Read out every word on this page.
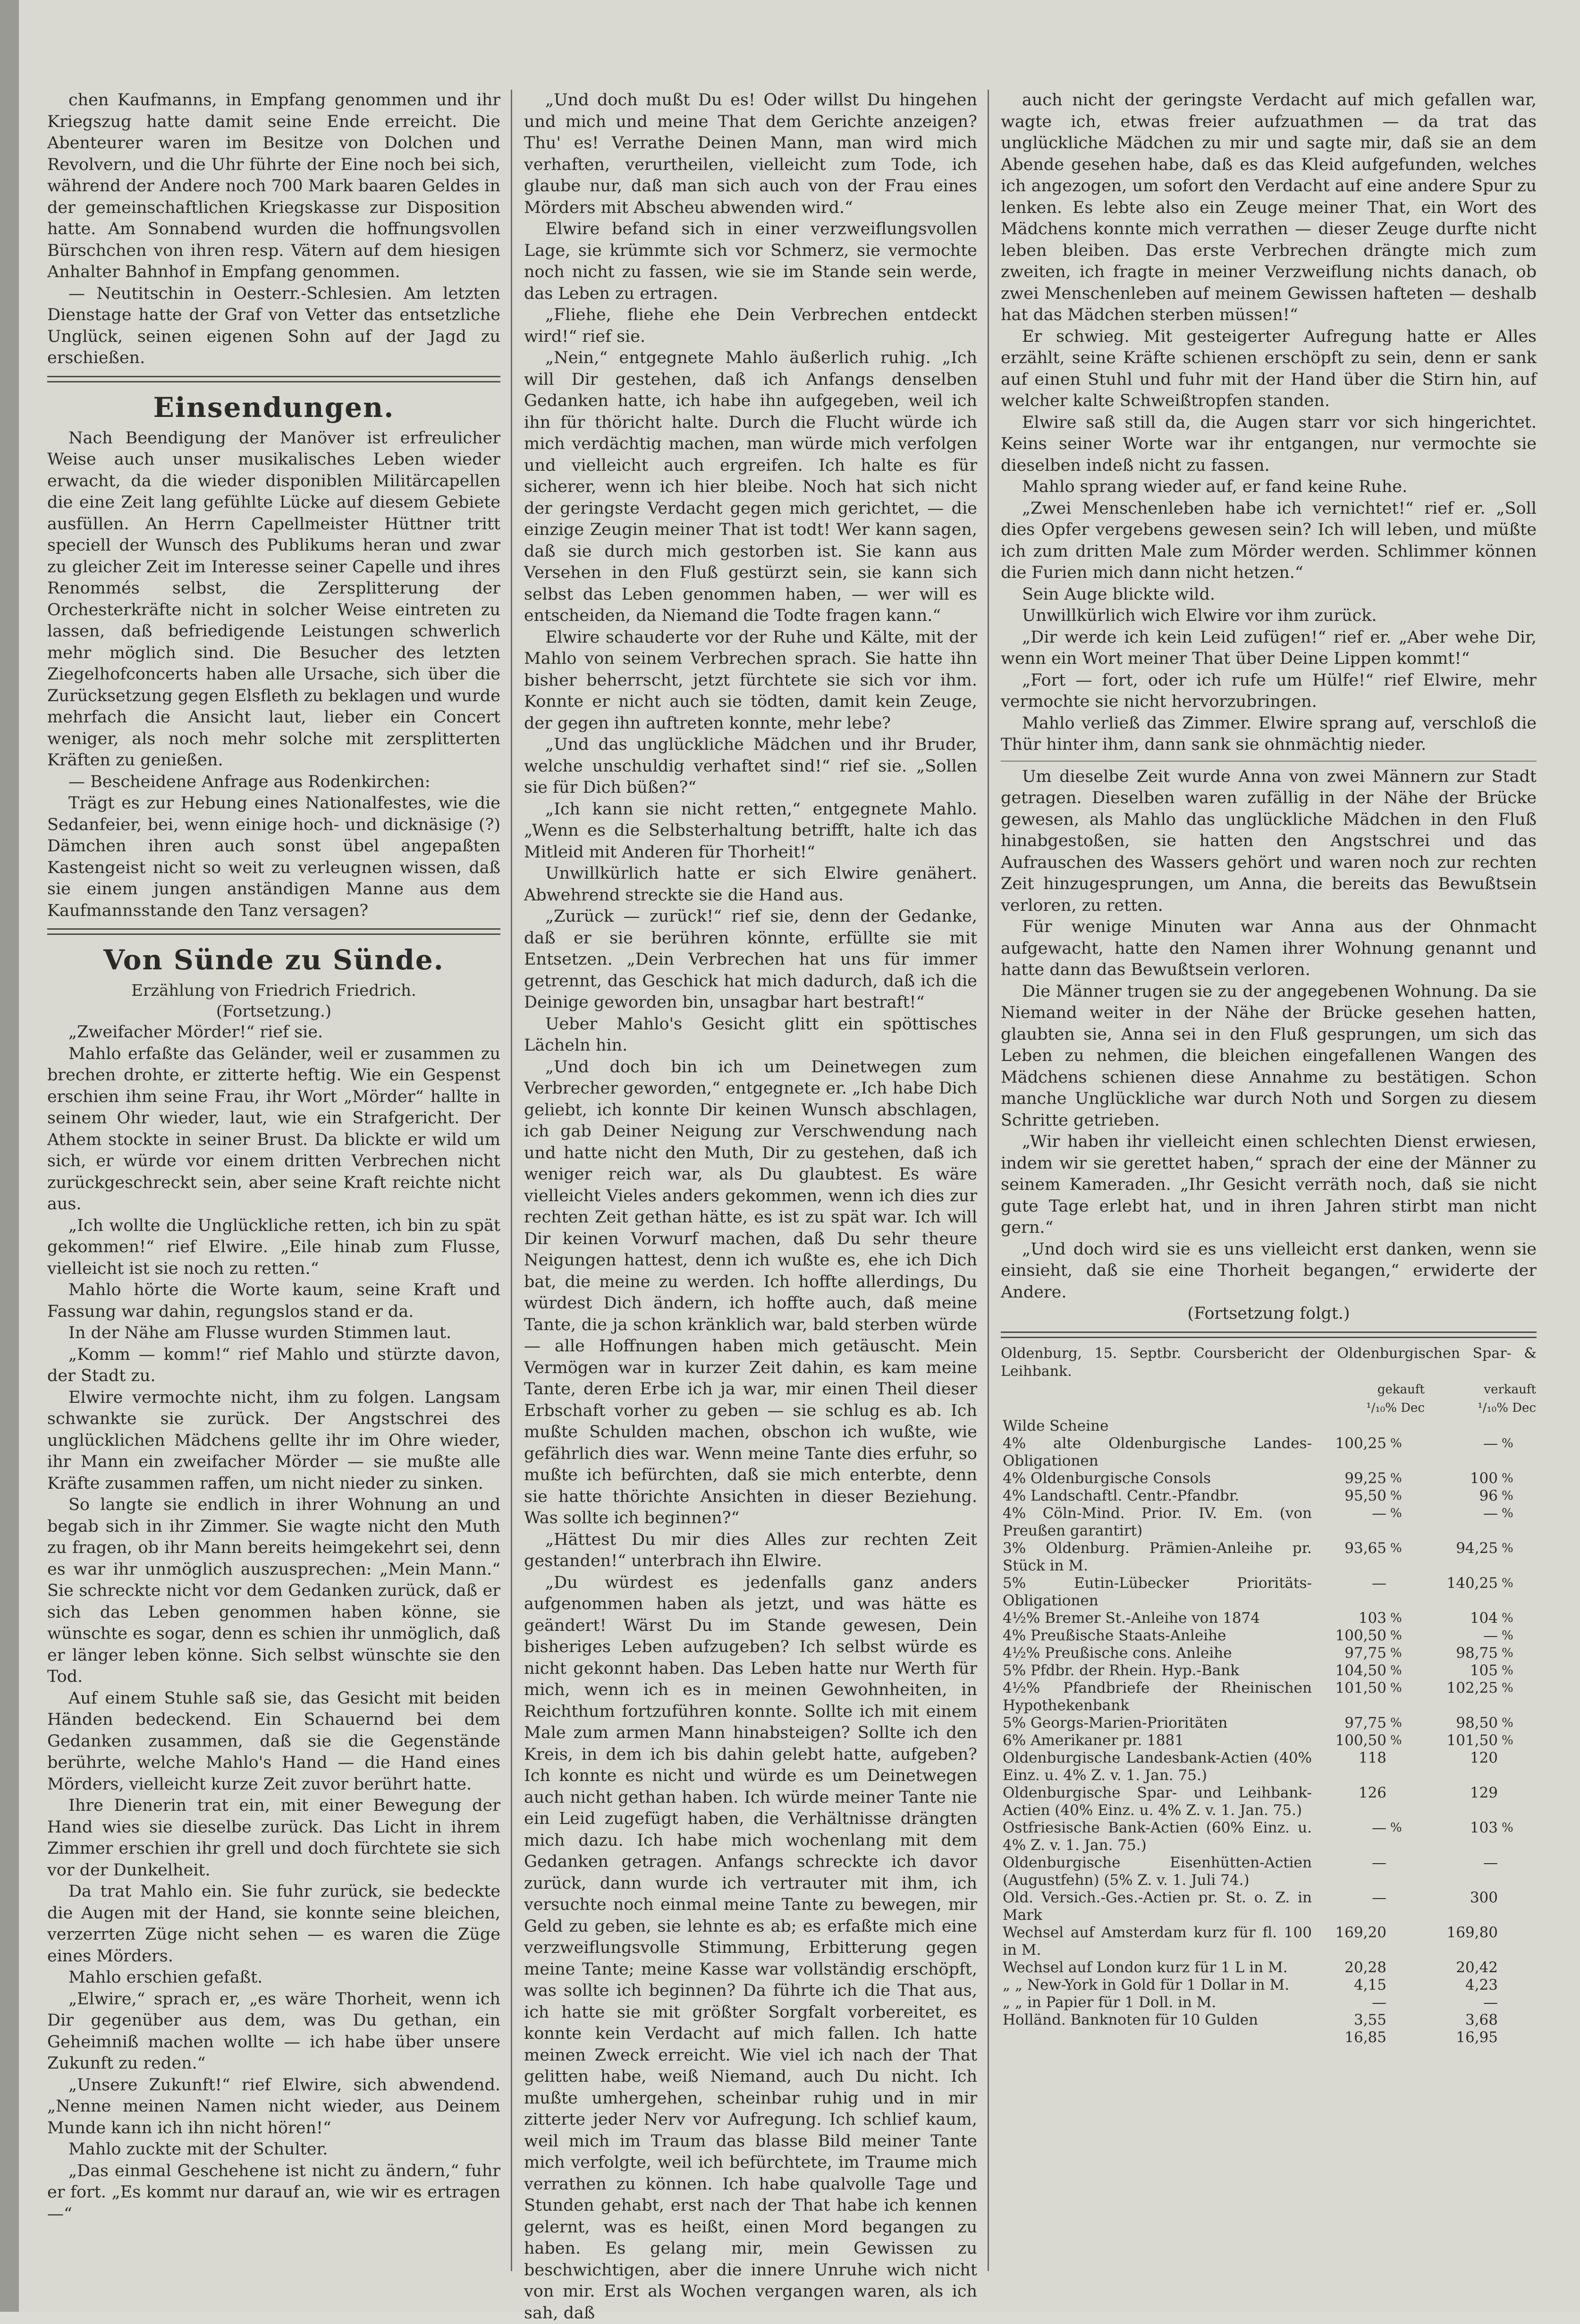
chen Kaufmanns, in Empfang genommen und ihr Kriegszug hatte damit seine Ende erreicht. Die Abenteurer waren im Besitze von Dolchen und Revolvern, und die Uhr führte der Eine noch bei sich, während der Andere noch 700 Mark baaren Geldes in der gemeinschaftlichen Kriegskasse zur Disposition hatte. Am Sonnabend wurden die hoffnungsvollen Bürschchen von ihren resp. Vätern auf dem hiesigen Anhalter Bahnhof in Empfang genommen.

— Neutitschin in Oesterr.-Schlesien. Am letzten Dienstage hatte der Graf von Vetter das entsetzliche Unglück, seinen eigenen Sohn auf der Jagd zu erschießen.

Einsendungen.

Nach Beendigung der Manöver ist erfreulicher Weise auch unser musikalisches Leben wieder erwacht, da die wieder disponiblen Militärcapellen die eine Zeit lang gefühlte Lücke auf diesem Gebiete ausfüllen. An Herrn Capellmeister Hüttner tritt speciell der Wunsch des Publikums heran und zwar zu gleicher Zeit im Interesse seiner Capelle und ihres Renommés selbst, die Zersplitterung der Orchesterkräfte nicht in solcher Weise eintreten zu lassen, daß befriedigende Leistungen schwerlich mehr möglich sind. Die Besucher des letzten Ziegelhofconcerts haben alle Ursache, sich über die Zurücksetzung gegen Elsfleth zu beklagen und wurde mehrfach die Ansicht laut, lieber ein Concert weniger, als noch mehr solche mit zersplitterten Kräften zu genießen.

— Bescheidene Anfrage aus Rodenkirchen:

Trägt es zur Hebung eines Nationalfestes, wie die Sedanfeier, bei, wenn einige hoch- und dicknäsige (?) Dämchen ihren auch sonst übel angepaßten Kastengeist nicht so weit zu verleugnen wissen, daß sie einem jungen anständigen Manne aus dem Kaufmannsstande den Tanz versagen?

Von Sünde zu Sünde.
Erzählung von Friedrich Friedrich.
(Fortsetzung.)

„Zweifacher Mörder!“ rief sie.

Mahlo erfaßte das Geländer, weil er zusammen zu brechen drohte, er zitterte heftig. Wie ein Gespenst erschien ihm seine Frau, ihr Wort „Mörder“ hallte in seinem Ohr wieder, laut, wie ein Strafgericht. Der Athem stockte in seiner Brust. Da blickte er wild um sich, er würde vor einem dritten Verbrechen nicht zurückgeschreckt sein, aber seine Kraft reichte nicht aus.

„Ich wollte die Unglückliche retten, ich bin zu spät gekommen!“ rief Elwire. „Eile hinab zum Flusse, vielleicht ist sie noch zu retten.“

Mahlo hörte die Worte kaum, seine Kraft und Fassung war dahin, regungslos stand er da.

In der Nähe am Flusse wurden Stimmen laut.

„Komm — komm!“ rief Mahlo und stürzte davon, der Stadt zu.

Elwire vermochte nicht, ihm zu folgen. Langsam schwankte sie zurück. Der Angstschrei des unglücklichen Mädchens gellte ihr im Ohre wieder, ihr Mann ein zweifacher Mörder — sie mußte alle Kräfte zusammen raffen, um nicht nieder zu sinken.

So langte sie endlich in ihrer Wohnung an und begab sich in ihr Zimmer. Sie wagte nicht den Muth zu fragen, ob ihr Mann bereits heimgekehrt sei, denn es war ihr unmöglich auszusprechen: „Mein Mann.“ Sie schreckte nicht vor dem Gedanken zurück, daß er sich das Leben genommen haben könne, sie wünschte es sogar, denn es schien ihr unmöglich, daß er länger leben könne. Sich selbst wünschte sie den Tod.

Auf einem Stuhle saß sie, das Gesicht mit beiden Händen bedeckend. Ein Schauernd bei dem Gedanken zusammen, daß sie die Gegenstände berührte, welche Mahlo's Hand — die Hand eines Mörders, vielleicht kurze Zeit zuvor berührt hatte.

Ihre Dienerin trat ein, mit einer Bewegung der Hand wies sie dieselbe zurück. Das Licht in ihrem Zimmer erschien ihr grell und doch fürchtete sie sich vor der Dunkelheit.

Da trat Mahlo ein. Sie fuhr zurück, sie bedeckte die Augen mit der Hand, sie konnte seine bleichen, verzerrten Züge nicht sehen — es waren die Züge eines Mörders.

Mahlo erschien gefaßt.

„Elwire,“ sprach er, „es wäre Thorheit, wenn ich Dir gegenüber aus dem, was Du gethan, ein Geheimniß machen wollte — ich habe über unsere Zukunft zu reden.“

„Unsere Zukunft!“ rief Elwire, sich abwendend. „Nenne meinen Namen nicht wieder, aus Deinem Munde kann ich ihn nicht hören!“

Mahlo zuckte mit der Schulter.

„Das einmal Geschehene ist nicht zu ändern,“ fuhr er fort. „Es kommt nur darauf an, wie wir es ertragen —“

„Und doch mußt Du es! Oder willst Du hingehen und mich und meine That dem Gerichte anzeigen? Thu' es! Verrathe Deinen Mann, man wird mich verhaften, verurtheilen, vielleicht zum Tode, ich glaube nur, daß man sich auch von der Frau eines Mörders mit Abscheu abwenden wird.“

Elwire befand sich in einer verzweiflungsvollen Lage, sie krümmte sich vor Schmerz, sie vermochte noch nicht zu fassen, wie sie im Stande sein werde, das Leben zu ertragen.

„Fliehe, fliehe ehe Dein Verbrechen entdeckt wird!“ rief sie.

„Nein,“ entgegnete Mahlo äußerlich ruhig. „Ich will Dir gestehen, daß ich Anfangs denselben Gedanken hatte, ich habe ihn aufgegeben, weil ich ihn für thöricht halte. Durch die Flucht würde ich mich verdächtig machen, man würde mich verfolgen und vielleicht auch ergreifen. Ich halte es für sicherer, wenn ich hier bleibe. Noch hat sich nicht der geringste Verdacht gegen mich gerichtet, — die einzige Zeugin meiner That ist todt! Wer kann sagen, daß sie durch mich gestorben ist. Sie kann aus Versehen in den Fluß gestürzt sein, sie kann sich selbst das Leben genommen haben, — wer will es entscheiden, da Niemand die Todte fragen kann.“

Elwire schauderte vor der Ruhe und Kälte, mit der Mahlo von seinem Verbrechen sprach. Sie hatte ihn bisher beherrscht, jetzt fürchtete sie sich vor ihm. Konnte er nicht auch sie tödten, damit kein Zeuge, der gegen ihn auftreten konnte, mehr lebe?

„Und das unglückliche Mädchen und ihr Bruder, welche unschuldig verhaftet sind!“ rief sie. „Sollen sie für Dich büßen?“

„Ich kann sie nicht retten,“ entgegnete Mahlo. „Wenn es die Selbsterhaltung betrifft, halte ich das Mitleid mit Anderen für Thorheit!“

Unwillkürlich hatte er sich Elwire genähert. Abwehrend streckte sie die Hand aus.

„Zurück — zurück!“ rief sie, denn der Gedanke, daß er sie berühren könnte, erfüllte sie mit Entsetzen. „Dein Verbrechen hat uns für immer getrennt, das Geschick hat mich dadurch, daß ich die Deinige geworden bin, unsagbar hart bestraft!“

Ueber Mahlo's Gesicht glitt ein spöttisches Lächeln hin.

„Und doch bin ich um Deinetwegen zum Verbrecher geworden,“ entgegnete er. „Ich habe Dich geliebt, ich konnte Dir keinen Wunsch abschlagen, ich gab Deiner Neigung zur Verschwendung nach und hatte nicht den Muth, Dir zu gestehen, daß ich weniger reich war, als Du glaubtest. Es wäre vielleicht Vieles anders gekommen, wenn ich dies zur rechten Zeit gethan hätte, es ist zu spät war. Ich will Dir keinen Vorwurf machen, daß Du sehr theure Neigungen hattest, denn ich wußte es, ehe ich Dich bat, die meine zu werden. Ich hoffte allerdings, Du würdest Dich ändern, ich hoffte auch, daß meine Tante, die ja schon kränklich war, bald sterben würde — alle Hoffnungen haben mich getäuscht. Mein Vermögen war in kurzer Zeit dahin, es kam meine Tante, deren Erbe ich ja war, mir einen Theil dieser Erbschaft vorher zu geben — sie schlug es ab. Ich mußte Schulden machen, obschon ich wußte, wie gefährlich dies war. Wenn meine Tante dies erfuhr, so mußte ich befürchten, daß sie mich enterbte, denn sie hatte thörichte Ansichten in dieser Beziehung. Was sollte ich beginnen?“

„Hättest Du mir dies Alles zur rechten Zeit gestanden!“ unterbrach ihn Elwire.

„Du würdest es jedenfalls ganz anders aufgenommen haben als jetzt, und was hätte es geändert! Wärst Du im Stande gewesen, Dein bisheriges Leben aufzugeben? Ich selbst würde es nicht gekonnt haben. Das Leben hatte nur Werth für mich, wenn ich es in meinen Gewohnheiten, in Reichthum fortzuführen konnte. Sollte ich mit einem Male zum armen Mann hinabsteigen? Sollte ich den Kreis, in dem ich bis dahin gelebt hatte, aufgeben? Ich konnte es nicht und würde es um Deinetwegen auch nicht gethan haben. Ich würde meiner Tante nie ein Leid zugefügt haben, die Verhältnisse drängten mich dazu. Ich habe mich wochenlang mit dem Gedanken getragen. Anfangs schreckte ich davor zurück, dann wurde ich vertrauter mit ihm, ich versuchte noch einmal meine Tante zu bewegen, mir Geld zu geben, sie lehnte es ab; es erfaßte mich eine verzweiflungsvolle Stimmung, Erbitterung gegen meine Tante; meine Kasse war vollständig erschöpft, was sollte ich beginnen? Da führte ich die That aus, ich hatte sie mit größter Sorgfalt vorbereitet, es konnte kein Verdacht auf mich fallen. Ich hatte meinen Zweck erreicht. Wie viel ich nach der That gelitten habe, weiß Niemand, auch Du nicht. Ich mußte umhergehen, scheinbar ruhig und in mir zitterte jeder Nerv vor Aufregung. Ich schlief kaum, weil mich im Traum das blasse Bild meiner Tante mich verfolgte, weil ich befürchtete, im Traume mich verrathen zu können. Ich habe qualvolle Tage und Stunden gehabt, erst nach der That habe ich kennen gelernt, was es heißt, einen Mord begangen zu haben. Es gelang mir, mein Gewissen zu beschwichtigen, aber die innere Unruhe wich nicht von mir. Erst als Wochen vergangen waren, als ich sah, daß

auch nicht der geringste Verdacht auf mich gefallen war, wagte ich, etwas freier aufzuathmen — da trat das unglückliche Mädchen zu mir und sagte mir, daß sie an dem Abende gesehen habe, daß es das Kleid aufgefunden, welches ich angezogen, um sofort den Verdacht auf eine andere Spur zu lenken. Es lebte also ein Zeuge meiner That, ein Wort des Mädchens konnte mich verrathen — dieser Zeuge durfte nicht leben bleiben. Das erste Verbrechen drängte mich zum zweiten, ich fragte in meiner Verzweiflung nichts danach, ob zwei Menschenleben auf meinem Gewissen hafteten — deshalb hat das Mädchen sterben müssen!“

Er schwieg. Mit gesteigerter Aufregung hatte er Alles erzählt, seine Kräfte schienen erschöpft zu sein, denn er sank auf einen Stuhl und fuhr mit der Hand über die Stirn hin, auf welcher kalte Schweißtropfen standen.

Elwire saß still da, die Augen starr vor sich hingerichtet. Keins seiner Worte war ihr entgangen, nur vermochte sie dieselben indeß nicht zu fassen.

Mahlo sprang wieder auf, er fand keine Ruhe.

„Zwei Menschenleben habe ich vernichtet!“ rief er. „Soll dies Opfer vergebens gewesen sein? Ich will leben, und müßte ich zum dritten Male zum Mörder werden. Schlimmer können die Furien mich dann nicht hetzen.“

Sein Auge blickte wild.

Unwillkürlich wich Elwire vor ihm zurück.

„Dir werde ich kein Leid zufügen!“ rief er. „Aber wehe Dir, wenn ein Wort meiner That über Deine Lippen kommt!“

„Fort — fort, oder ich rufe um Hülfe!“ rief Elwire, mehr vermochte sie nicht hervorzubringen.

Mahlo verließ das Zimmer. Elwire sprang auf, verschloß die Thür hinter ihm, dann sank sie ohnmächtig nieder.

Um dieselbe Zeit wurde Anna von zwei Männern zur Stadt getragen. Dieselben waren zufällig in der Nähe der Brücke gewesen, als Mahlo das unglückliche Mädchen in den Fluß hinabgestoßen, sie hatten den Angstschrei und das Aufrauschen des Wassers gehört und waren noch zur rechten Zeit hinzugesprungen, um Anna, die bereits das Bewußtsein verloren, zu retten.

Für wenige Minuten war Anna aus der Ohnmacht aufgewacht, hatte den Namen ihrer Wohnung genannt und hatte dann das Bewußtsein verloren.

Die Männer trugen sie zu der angegebenen Wohnung. Da sie Niemand weiter in der Nähe der Brücke gesehen hatten, glaubten sie, Anna sei in den Fluß gesprungen, um sich das Leben zu nehmen, die bleichen eingefallenen Wangen des Mädchens schienen diese Annahme zu bestätigen. Schon manche Unglückliche war durch Noth und Sorgen zu diesem Schritte getrieben.

„Wir haben ihr vielleicht einen schlechten Dienst erwiesen, indem wir sie gerettet haben,“ sprach der eine der Männer zu seinem Kameraden. „Ihr Gesicht verräth noch, daß sie nicht gute Tage erlebt hat, und in ihren Jahren stirbt man nicht gern.“

„Und doch wird sie es uns vielleicht erst danken, wenn sie einsieht, daß sie eine Thorheit begangen,“ erwiderte der Andere.

(Fortsetzung folgt.)

Oldenburg, 15. Septbr. Coursbericht der Oldenburgischen Spar- & Leihbank.

	gekauft		verkauft	
	¹/₁₀% Dec		¹/₁₀% Dec	
Wilde Scheine				
4% alte Oldenburgische Landes-Obligationen	100,25	%	—	%
4% Oldenburgische Consols	99,25	%	100	%
4% Landschaftl. Centr.-Pfandbr.	95,50	%	96	%
4% Cöln-Mind. Prior. IV. Em. (von Preußen garantirt)	—	%	—	%
3% Oldenburg. Prämien-Anleihe pr. Stück in M.	93,65	%	94,25	%
5% Eutin-Lübecker Prioritäts-Obligationen	—		140,25	%
4½% Bremer St.-Anleihe von 1874	103	%	104	%
4% Preußische Staats-Anleihe	100,50	%	—	%
4½% Preußische cons. Anleihe	97,75	%	98,75	%
5% Pfdbr. der Rhein. Hyp.-Bank	104,50	%	105	%
4½% Pfandbriefe der Rheinischen Hypothekenbank	101,50	%	102,25	%
5% Georgs-Marien-Prioritäten	97,75	%	98,50	%
6% Amerikaner pr. 1881	100,50	%	101,50	%
Oldenburgische Landesbank-Actien (40% Einz. u. 4% Z. v. 1. Jan. 75.)	118		120	
Oldenburgische Spar- und Leihbank-Actien (40% Einz. u. 4% Z. v. 1. Jan. 75.)	126		129	
Ostfriesische Bank-Actien (60% Einz. u. 4% Z. v. 1. Jan. 75.)	—	%	103	%
Oldenburgische Eisenhütten-Actien (Augustfehn) (5% Z. v. 1. Juli 74.)	—		—	
Old. Versich.-Ges.-Actien pr. St. o. Z. in Mark	—		300	
Wechsel auf Amsterdam kurz für fl. 100 in M.	169,20		169,80	
Wechsel auf London kurz für 1 L in M.	20,28		20,42	
„ „ New-York in Gold für 1 Dollar in M.	4,15		4,23	
„ „ in Papier für 1 Doll. in M.	—		—	
Holländ. Banknoten für 10 Gulden	3,55		3,68	
	16,85		16,95	
